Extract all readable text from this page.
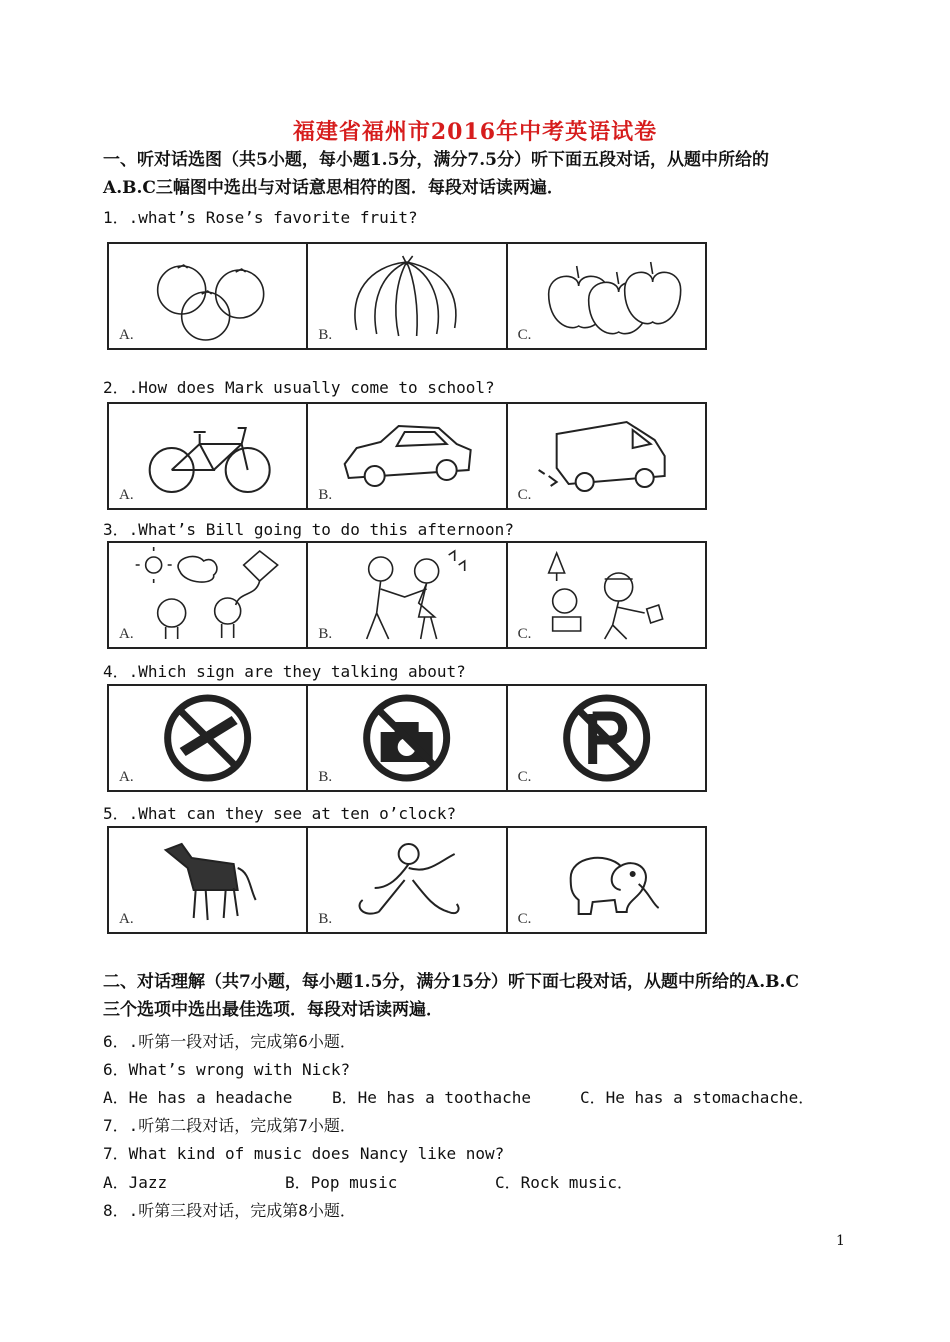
福建省福州市2016年中考英语试卷
一、听对话选图（共5小题，每小题1.5分，满分7.5分）听下面五段对话，从题中所给的
A.B.C三幅图中选出与对话意思相符的图．每段对话读两遍．
1．.what’s Rose’s favorite fruit?
A.	B.	C.
2．.How does Mark usually come to school?
A.	B.	C.
3．.What’s Bill going to do this afternoon?
A.	B.	C.
4．.Which sign are they talking about?
A.	B.	C.
5．.What can they see at ten o’clock?
A.	B.	C.
二、对话理解（共7小题，每小题1.5分，满分15分）听下面七段对话，从题中所给的A.B.C
三个选项中选出最佳选项．每段对话读两遍．
6．.听第一段对话，完成第6小题．
6．What’s wrong with Nick?
A．He has a headache B．He has a toothache	C．He has a stomachache．
7．.听第二段对话，完成第7小题．
7．What kind of music does Nancy like now?
A．Jazz	B．Pop music	C．Rock music．
8．.听第三段对话，完成第8小题．
1
